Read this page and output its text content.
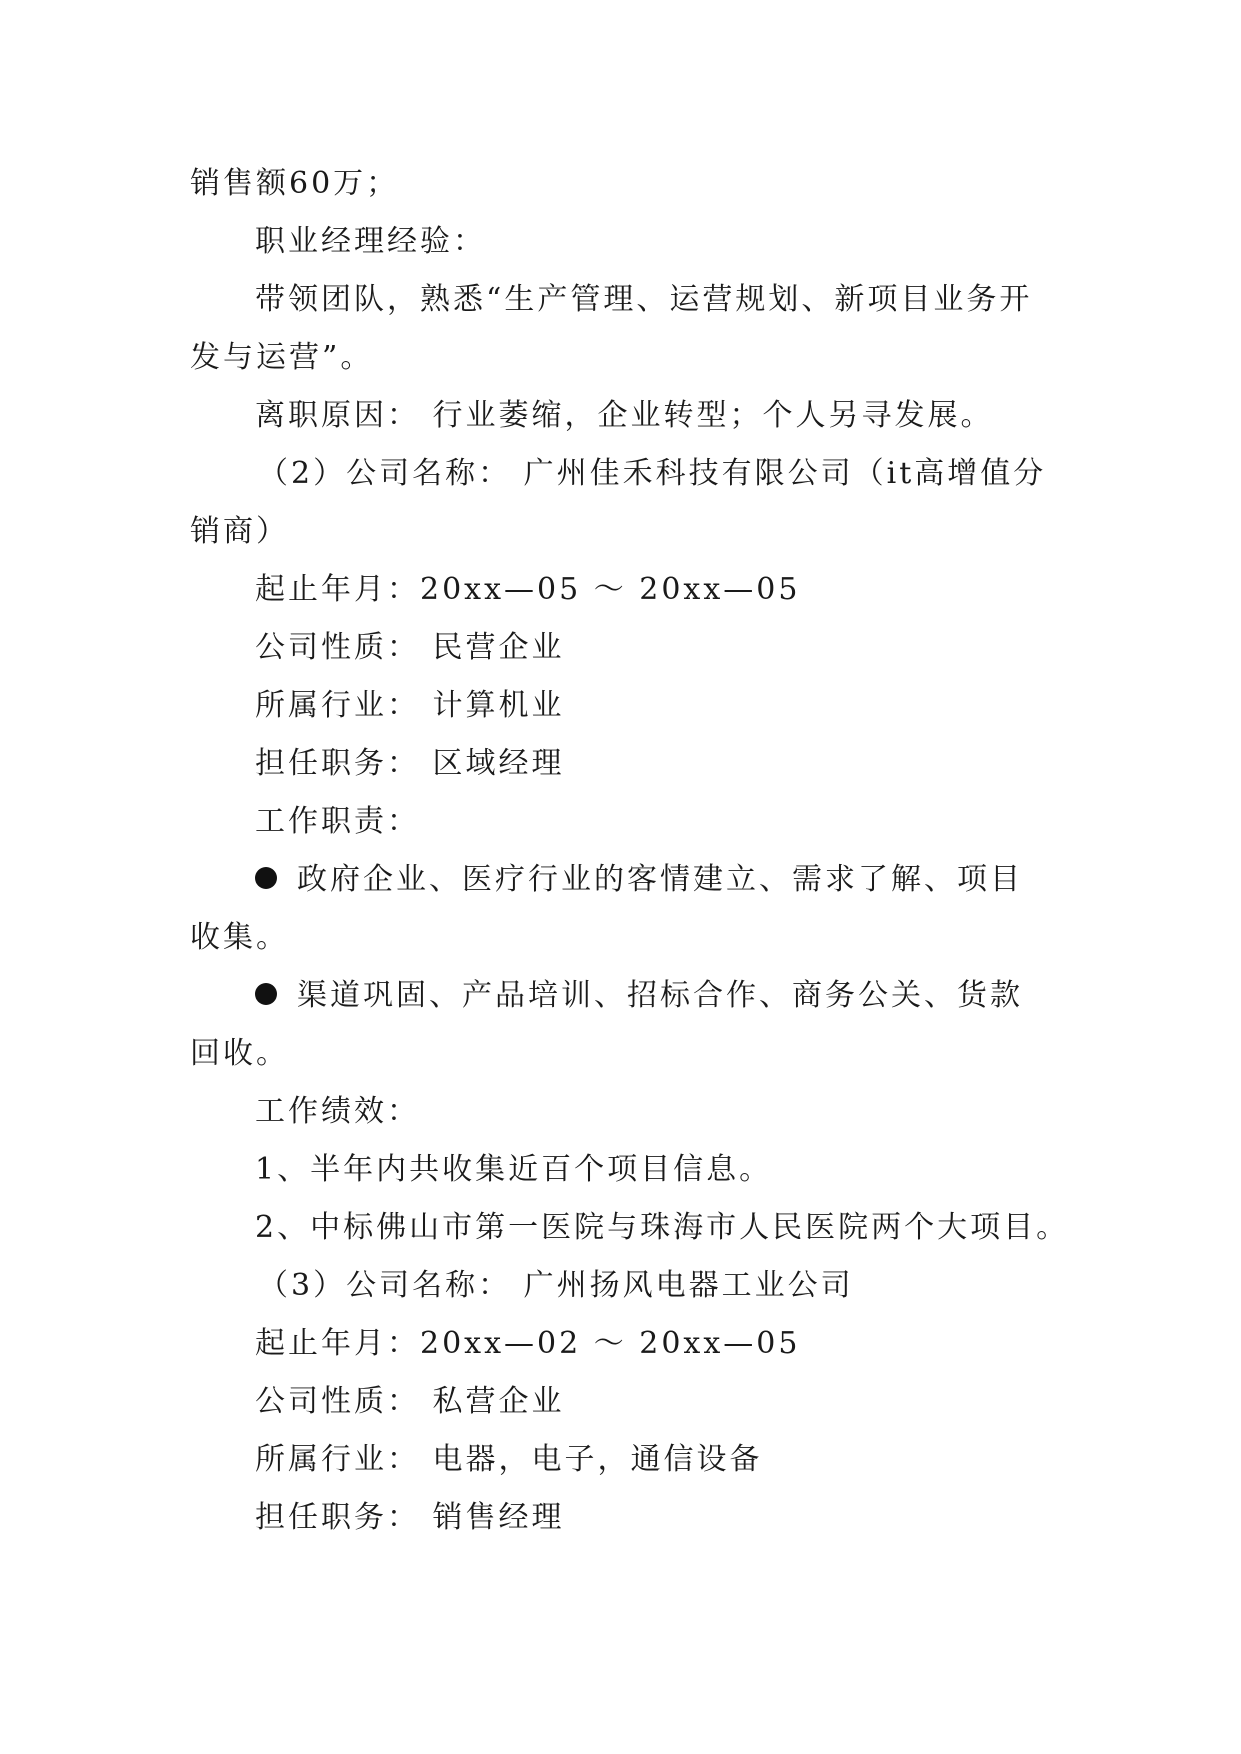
销售额60万；

职业经理经验：

带领团队，熟悉“生产管理、运营规划、新项目业务开

发与运营”。

离职原因： 行业萎缩，企业转型；个人另寻发展。

（2）公司名称： 广州佳禾科技有限公司（it高增值分

销商）

起止年月：20xx—05 ～ 20xx—05

公司性质： 民营企业

所属行业： 计算机业

担任职务： 区域经理

工作职责：

政府企业、医疗行业的客情建立、需求了解、项目

收集。

渠道巩固、产品培训、招标合作、商务公关、货款

回收。

工作绩效：

1、半年内共收集近百个项目信息。

2、中标佛山市第一医院与珠海市人民医院两个大项目。

（3）公司名称： 广州扬风电器工业公司

起止年月：20xx—02 ～ 20xx—05

公司性质： 私营企业

所属行业： 电器，电子，通信设备

担任职务： 销售经理
